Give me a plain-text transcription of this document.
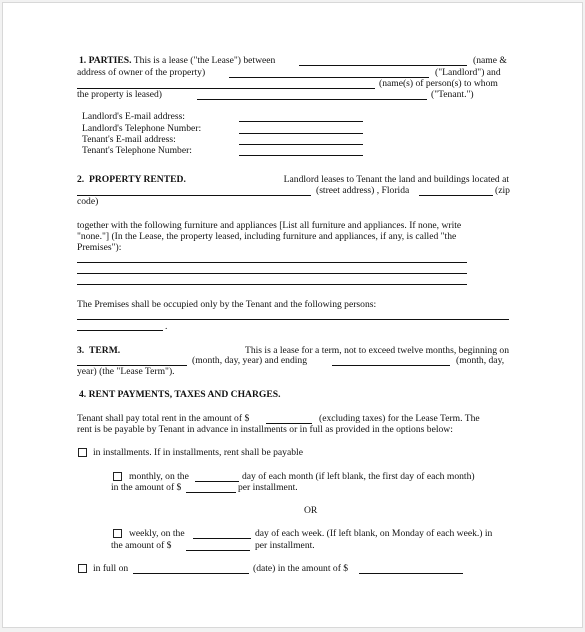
1. PARTIES. This is a lease ("the Lease") between	(name &
address of owner of the property)	("Landlord") and
(name(s) of person(s) to whom
the property is leased)	("Tenant.")
Landlord's E-mail address:
Landlord's Telephone Number:
Tenant's E-mail address:
Tenant's Telephone Number:
2. PROPERTY RENTED.	Landlord leases to Tenant the land and buildings located at
(street address) , Florida	(zip
code)
together with the following furniture and appliances [List all furniture and appliances. If none, write
"none."] (In the Lease, the property leased, including furniture and appliances, if any, is called "the
Premises"):
The Premises shall be occupied only by the Tenant and the following persons:
.
3. TERM.	This is a lease for a term, not to exceed twelve months, beginning on
(month, day, year) and ending	(month, day,
year) (the "Lease Term").
4. RENT PAYMENTS, TAXES AND CHARGES.
Tenant shall pay total rent in the amount of $	(excluding taxes) for the Lease Term. The
rent is be payable by Tenant in advance in installments or in full as provided in the options below:
in installments. If in installments, rent shall be payable
monthly, on the	day of each month (if left blank, the first day of each month)
in the amount of $	per installment.
OR
weekly, on the	day of each week. (If left blank, on Monday of each week.) in
the amount of $	per installment.
in full on	(date) in the amount of $
